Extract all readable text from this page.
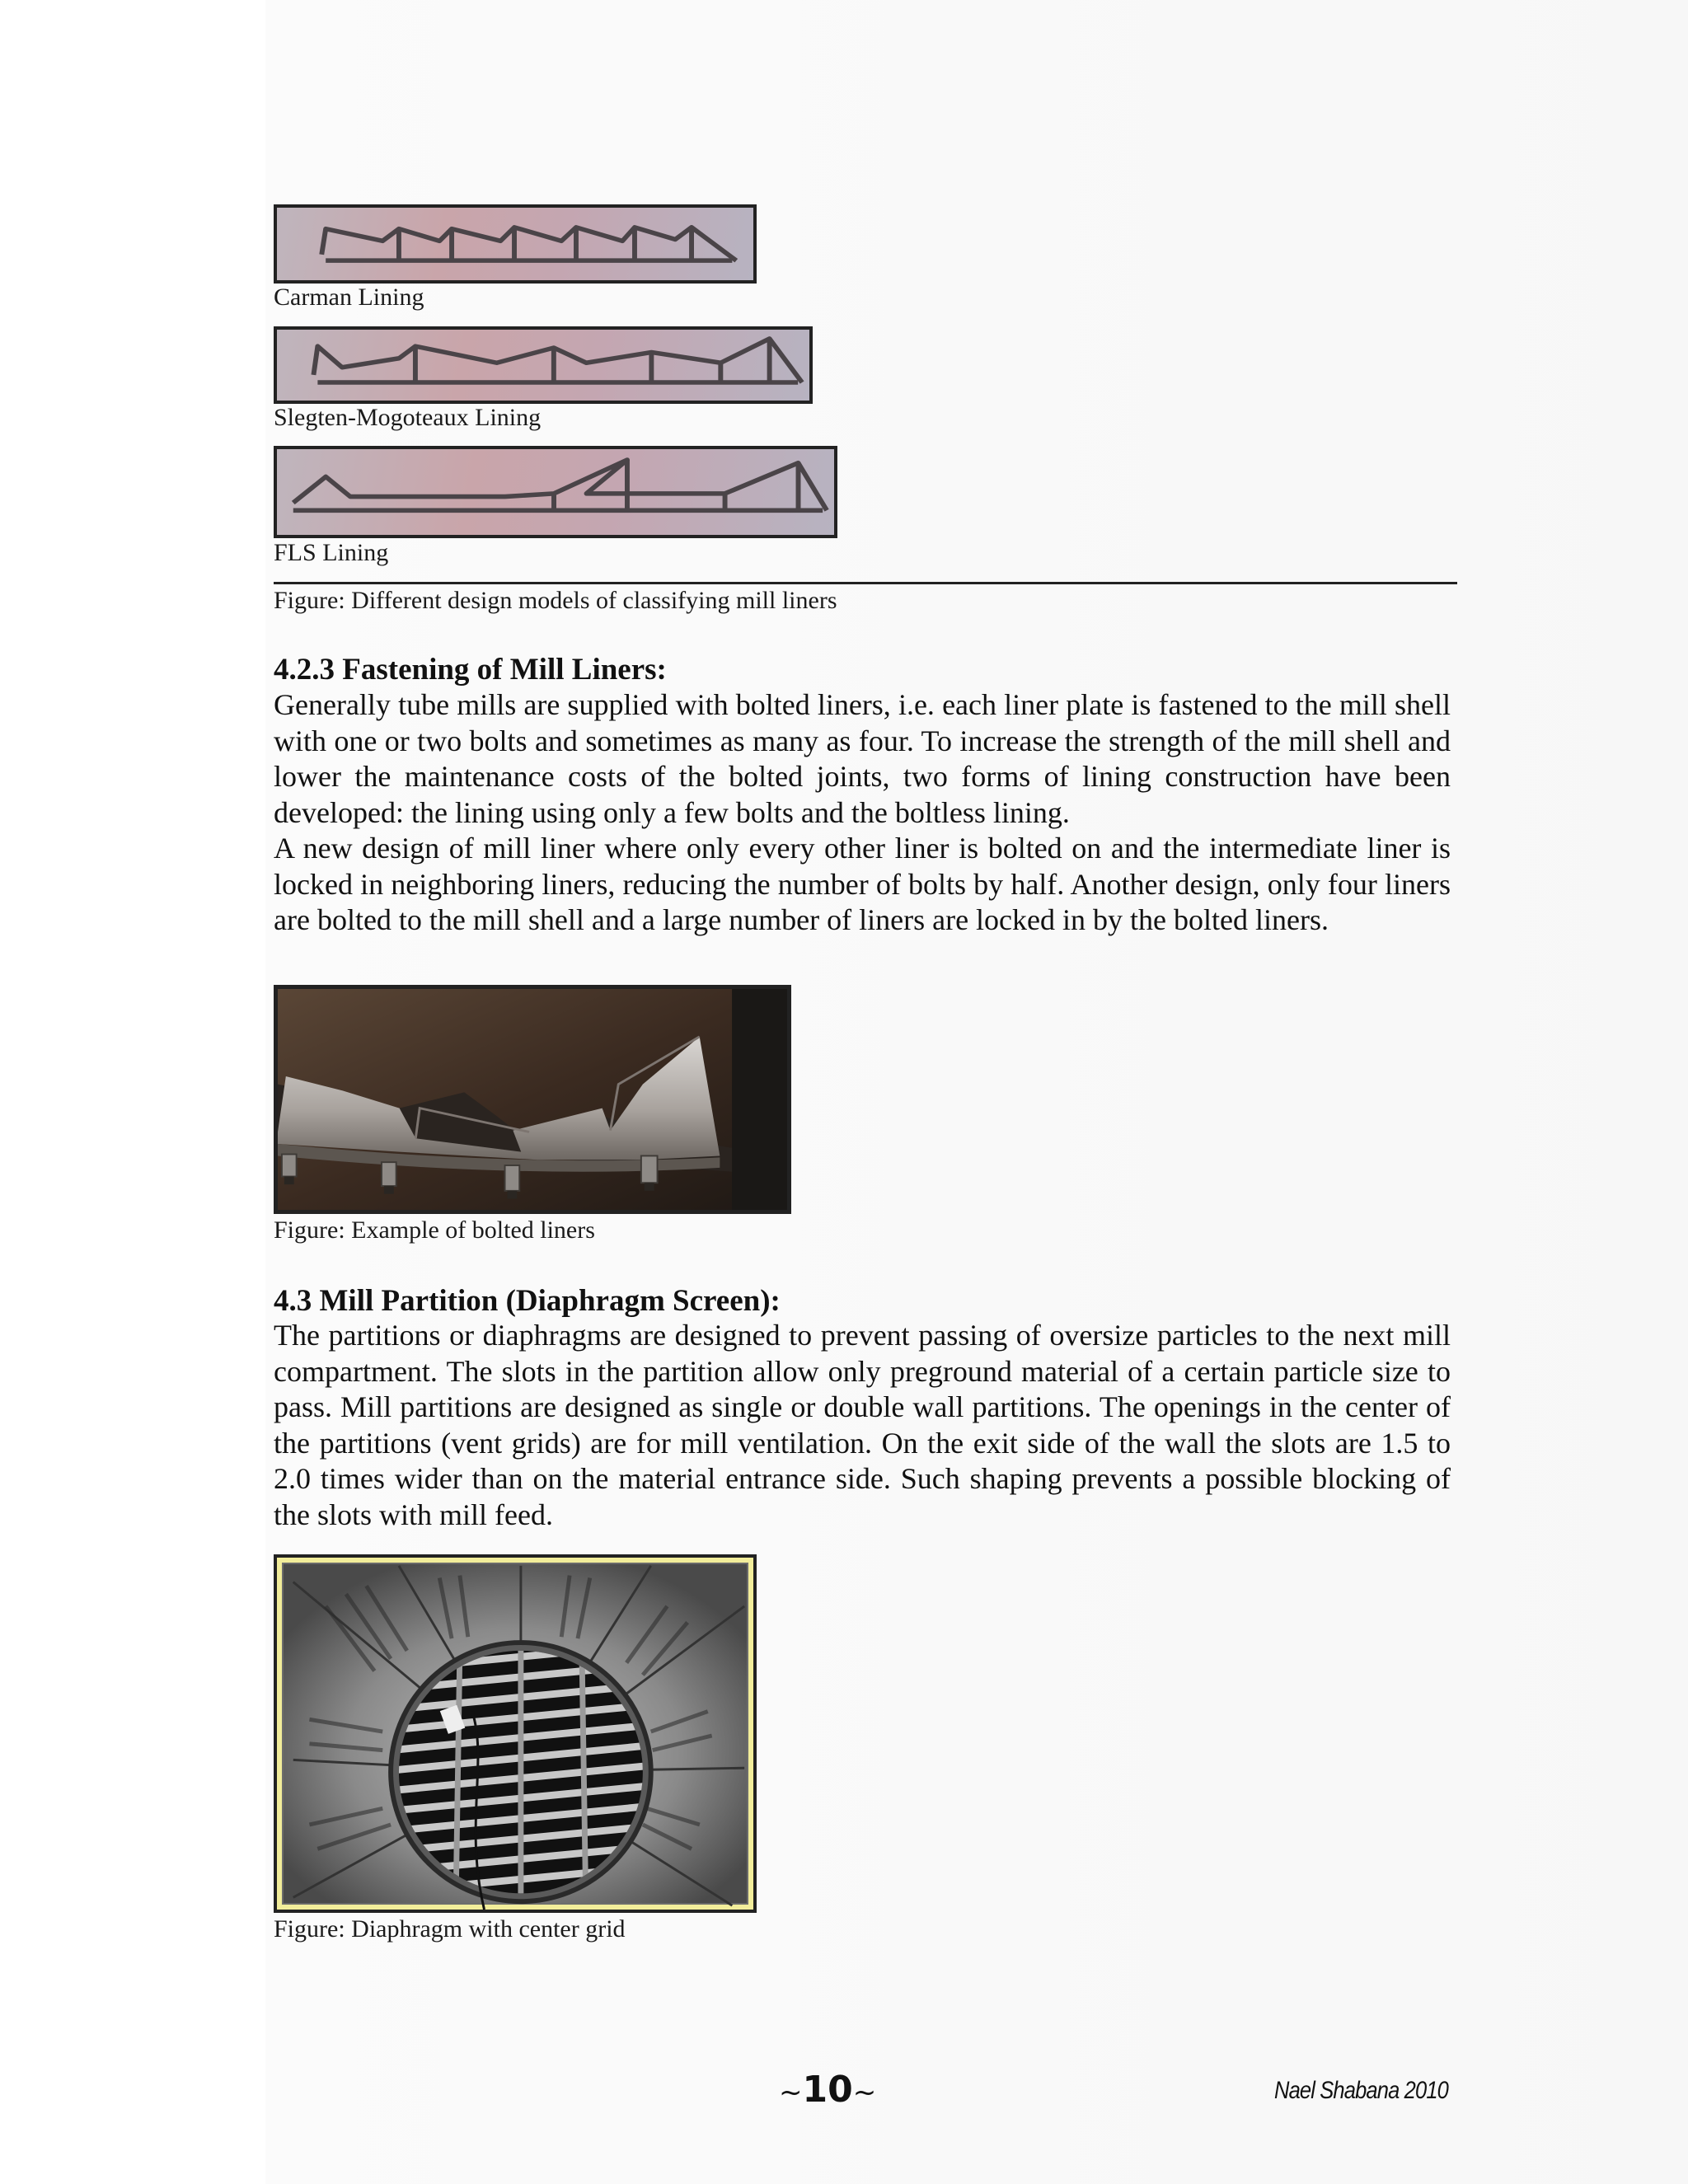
Carman Lining
Slegten-Mogoteaux Lining
FLS Lining
Figure: Different design models of classifying mill liners
4.2.3 Fastening of Mill Liners:

Generally tube mills are supplied with bolted liners, i.e. each liner plate is fastened to the mill shell with one or two bolts and sometimes as many as four. To increase the strength of the mill shell and lower the maintenance costs of the bolted joints, two forms of lining construction have been developed: the lining using only a few bolts and the boltless lining.

A new design of mill liner where only every other liner is bolted on and the intermediate liner is locked in neighboring liners, reducing the number of bolts by half. Another design, only four liners are bolted to the mill shell and a large number of liners are locked in by the bolted liners.

Figure: Example of bolted liners
4.3 Mill Partition (Diaphragm Screen):

The partitions or diaphragms are designed to prevent passing of oversize particles to the next mill compartment. The slots in the partition allow only preground material of a certain particle size to pass. Mill partitions are designed as single or double wall partitions. The openings in the center of the partitions (vent grids) are for mill ventilation. On the exit side of the wall the slots are 1.5 to 2.0 times wider than on the material entrance side. Such shaping prevents a possible blocking of the slots with mill feed.

Figure: Diaphragm with center grid
~10~	Nael Shabana 2010
